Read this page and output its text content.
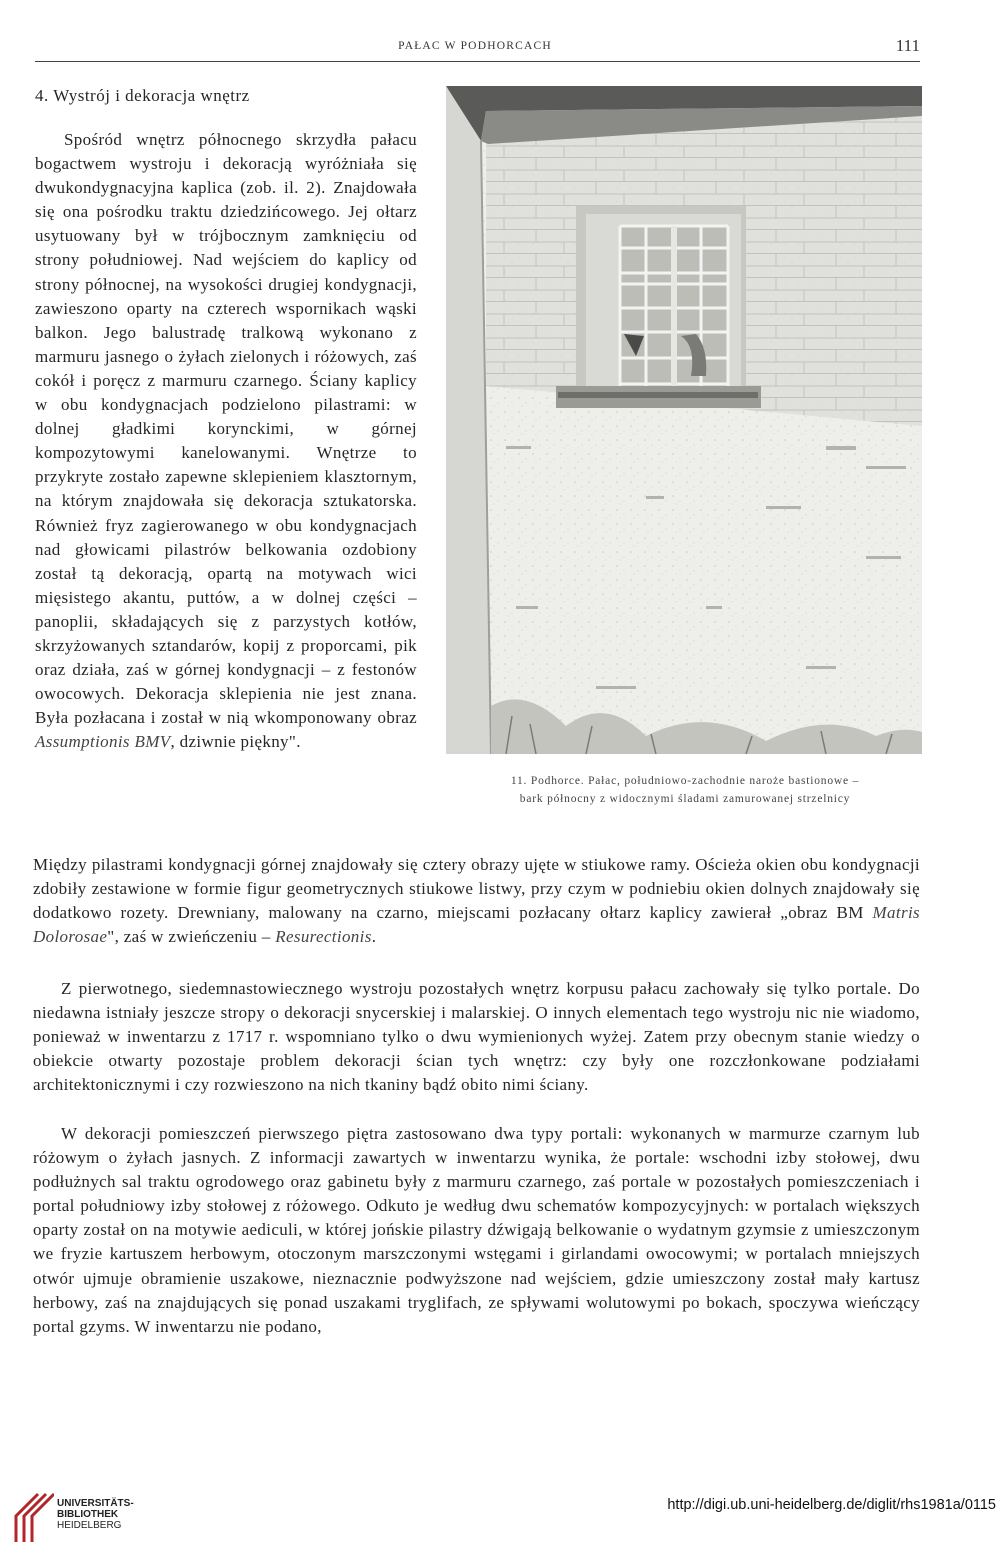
PAŁAC W PODHORCACH	111
4. Wystrój i dekoracja wnętrz

Spośród wnętrz północnego skrzydła pałacu bogactwem wystroju i dekoracją wyróżniała się dwukondygnacyjna kaplica (zob. il. 2). Znajdowała się ona pośrodku traktu dziedzińcowego. Jej ołtarz usytuowany był w trójbocznym zamknięciu od strony południowej. Nad wejściem do kaplicy od strony północnej, na wysokości drugiej kondygnacji, zawieszono oparty na czterech wspornikach wąski balkon. Jego balustradę tralkową wykonano z marmuru jasnego o żyłach zielonych i różowych, zaś cokół i poręcz z marmuru czarnego. Ściany kaplicy w obu kondygnacjach podzielono pilastrami: w dolnej gładkimi korynckimi, w górnej kompozytowymi kanelowanymi. Wnętrze to przykryte zostało zapewne sklepieniem klasztornym, na którym znajdowała się dekoracja sztukatorska. Również fryz zagierowanego w obu kondygnacjach nad głowicami pilastrów belkowania ozdobiony został tą dekoracją, opartą na motywach wici mięsistego akantu, puttów, a w dolnej części – panoplii, składających się z parzystych kotłów, skrzyżowanych sztandarów, kopij z proporcami, pik oraz działa, zaś w górnej kondygnacji – z festonów owocowych. Dekoracja sklepienia nie jest znana. Była pozłacana i został w nią wkomponowany obraz Assumptionis BMV, dziwnie piękny".

11. Podhorce. Pałac, południowo-zachodnie naroże bastionowe –
bark północny z widocznymi śladami zamurowanej strzelnicy

Między pilastrami kondygnacji górnej znajdowały się cztery obrazy ujęte w stiukowe ramy. Ościeża okien obu kondygnacji zdobiły zestawione w formie figur geometrycznych stiukowe listwy, przy czym w podniebiu okien dolnych znajdowały się dodatkowo rozety. Drewniany, malowany na czarno, miejscami pozłacany ołtarz kaplicy zawierał „obraz BM Matris Dolorosae", zaś w zwieńczeniu – Resurectionis.

Z pierwotnego, siedemnastowiecznego wystroju pozostałych wnętrz korpusu pałacu zachowały się tylko portale. Do niedawna istniały jeszcze stropy o dekoracji snycerskiej i malarskiej. O innych elementach tego wystroju nic nie wiadomo, ponieważ w inwentarzu z 1717 r. wspomniano tylko o dwu wymienionych wyżej. Zatem przy obecnym stanie wiedzy o obiekcie otwarty pozostaje problem dekoracji ścian tych wnętrz: czy były one rozczłonkowane podziałami architektonicznymi i czy rozwieszono na nich tkaniny bądź obito nimi ściany.

W dekoracji pomieszczeń pierwszego piętra zastosowano dwa typy portali: wykonanych w marmurze czarnym lub różowym o żyłach jasnych. Z informacji zawartych w inwentarzu wynika, że portale: wschodni izby stołowej, dwu podłużnych sal traktu ogrodowego oraz gabinetu były z marmuru czarnego, zaś portale w pozostałych pomieszczeniach i portal południowy izby stołowej z różowego. Odkuto je według dwu schematów kompozycyjnych: w portalach większych oparty został on na motywie aediculi, w której jońskie pilastry dźwigają belkowanie o wydatnym gzymsie z umieszczonym we fryzie kartuszem herbowym, otoczonym marszczonymi wstęgami i girlandami owocowymi; w portalach mniejszych otwór ujmuje obramienie uszakowe, nieznacznie podwyższone nad wejściem, gdzie umieszczony został mały kartusz herbowy, zaś na znajdujących się ponad uszakami tryglifach, ze spływami wolutowymi po bokach, spoczywa wieńczący portal gzyms. W inwentarzu nie podano,

UNIVERSITÄTS-
BIBLIOTHEK
HEIDELBERG
http://digi.ub.uni-heidelberg.de/diglit/rhs1981a/0115
